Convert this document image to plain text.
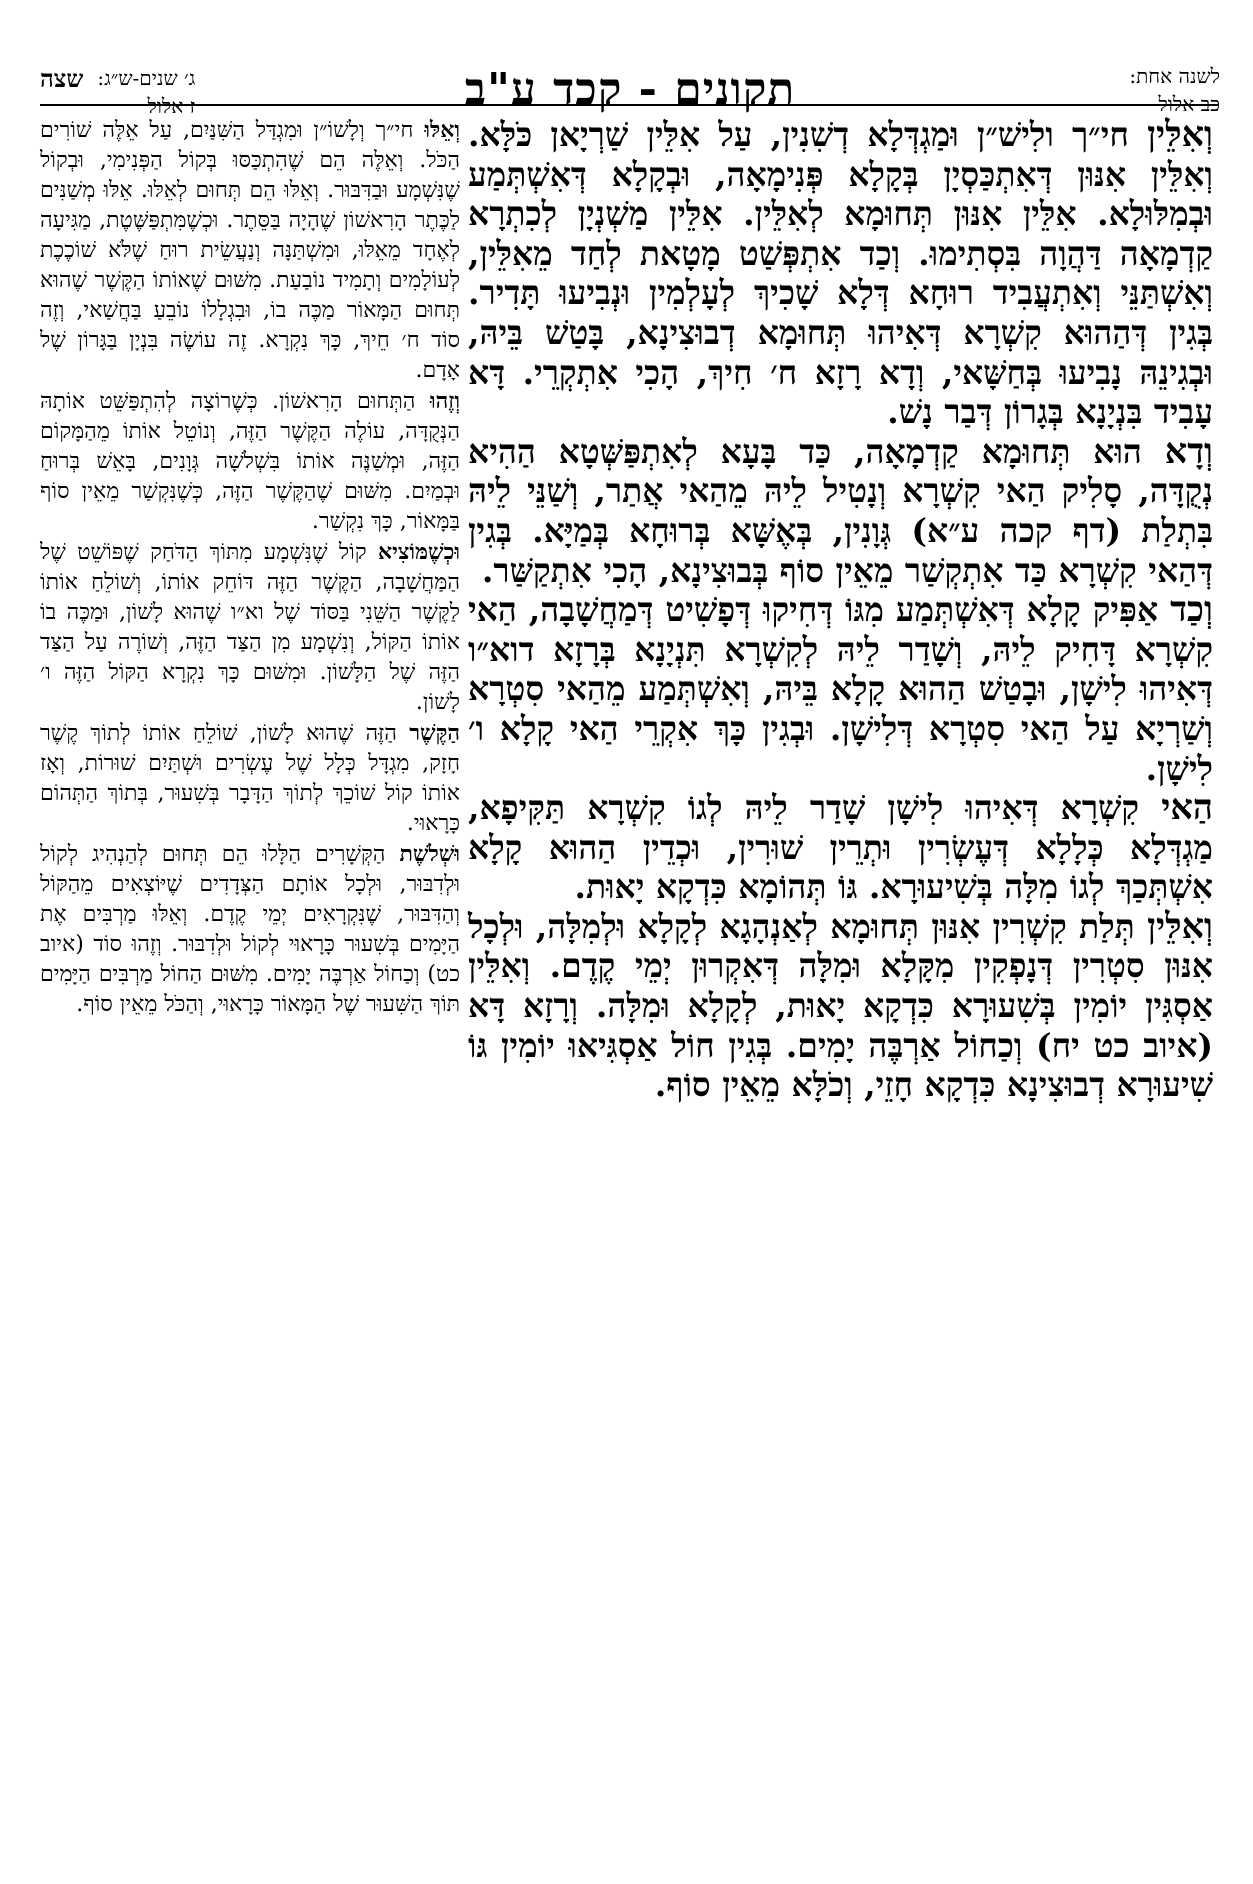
לשנה אחת:
כב אלול
תקונים - קכד ע"ב
ג׳ שנים-ש״ג:
ז אלול
שצה

וְאִלֵּין חי״ך ולִישׁ״ן וּמַגְדְּלָא דְשִׁנִין, עַל אִלֵּין שַׁרְיָאן כֹּלָּא. וְאִלֵּין אִנּוּן דְּאִתְכַּסְיָן בְּקָלָא פְּנִימָאָה, וּבְקָלָא דְּאִשְׁתְּמַע וּבְמִלּוּלָא. אִלֵּין אִנּוּן תְּחוּמָא לְאִלֵּין. אִלֵּין מַשְׁנְיָן לְכִתְרָא קַדְמָאָה דַּהֲוָה בִּסְתִימוּ. וְכַד אִתְפְּשַׁט מָטָאת לְחַד מֵאִלֵּין, וְאִשְׁתַּנֵּי וְאִתְעֲבִיד רוּחָא דְּלָא שָׁכִיךְ לְעָלְמִין וּנְבִיעוּ תָּדִיר. בְּגִין דְּהַהוּא קִשְׁרָא דְּאִיהוּ תְּחוּמָא דְבוּצִינָא, בָּטַשׁ בֵּיהּ, וּבְגִינֵהּ נָבִיעוּ בְּחַשָּׁאי, וְדָא רָזָא ח׳ חִיךְ, הָכִי אִתְקְרֵי. דָּא עָבִיד בִּנְיָנָא בְּגָרוֹן דְּבַר נָשׁ.

וְדָא הוּא תְּחוּמָא קַדְמָאָה, כַּד בָּעָא לְאִתְפַּשְּׁטָא הַהִיא נְקֻדָּה, סָלִיק הַאי קִשְׁרָא וְנָטִיל לֵיהּ מֵהַאי אֲתַר, וְשַׁנֵּי לֵיהּ בִּתְלַת (דף קכה ע״א) גְּוָנִין, בְּאֶשָּׁא בְּרוּחָא בְּמַיָּא. בְּגִין דְּהַאי קִשְׁרָא כַּד אִתְקְשַׁר מֵאֵין סוֹף בְּבוּצִינָא, הָכִי אִתְקַשַּׁר.

וְכַד אַפִּיק קָלָא דְּאִשְׁתְּמַע מִגּוֹ דְּחִיקוּ דְּפָשִׁיט דְּמַחֲשָׁבָה, הַאי קִשְׁרָא דָּחִיק לֵיהּ, וְשָׁדַר לֵיהּ לְקִשְׁרָא תִּנְיָנָא בְּרָזָא דוא״ו דְּאִיהוּ לִישָׁן, וּבָטַשׁ הַהוּא קָלָא בֵּיהּ, וְאִשְׁתְּמַע מֵהַאי סִטְרָא וְשַׁרְיָא עַל הַאי סִטְרָא דְּלִישָׁן. וּבְגִין כָּךְ אִקְרֵי הַאי קָלָא ו׳ לִישָׁן.

הַאי קִשְׁרָא דְּאִיהוּ לִישָׁן שָׁדַר לֵיהּ לְגוֹ קִשְׁרָא תַּקִּיפָא, מַגְדְּלָא כְּלָלָא דְּעֶשְׂרִין וּתְרֵין שׁוּרִין, וּכְדֵין הַהוּא קָלָא אִשְׁתְּכַךְ לְגוֹ מִלָּה בְּשִׁיעוּרָא. גּוֹ תְּהוֹמָא כִּדְקָא יָאוּת.

וְאִלֵּין תְּלַת קִשְׁרִין אִנּוּן תְּחוּמָא לְאַנְהָגָא לְקָלָא וּלְמִלָּה, וּלְכָל אִנּוּן סִטְרִין דְּנָפְקִין מִקָּלָא וּמִלָּה דְּאִקְרוּן יְמֵי קֶדֶם. וְאִלֵּין אַסְגִּין יוֹמִין בְּשִׁעוּרָא כִּדְקָא יָאוּת, לְקָלָא וּמִלָּה. וְרָזָא דָּא (איוב כט יח) וְכַחוֹל אַרְבֶּה יָמִים. בְּגִין חוֹל אַסְגִּיאוּ יוֹמִין גּוֹ שִׁיעוּרָא דְבוּצִינָא כִּדְקָא חָזֵי, וְכֹלָּא מֵאֵין סוֹף.

וְאֵלּוּ חי״ך וְלָשׁוֹ״ן וּמִגְדַּל הַשִּׁנַּיִם, עַל אֵלֶּה שׁוֹרִים הַכֹּל. וְאֵלֶּה הֵם שֶׁהִתְכַּסּוּ בְּקוֹל הַפְּנִימִי, וּבְקוֹל שֶׁנִּשְׁמָע וּבַדִּבּוּר. וְאֵלּוּ הֵם תְּחוּם לְאֵלּוּ. אֵלּוּ מְשַׁנִּים לַכֶּתֶר הָרִאשׁוֹן שֶׁהָיָה בַּסֵּתֶר. וּכְשֶׁמִּתְפַּשֶּׁטֶת, מַגִּיעָה לְאֶחָד מֵאֵלּוּ, וּמִשְׁתַּנָּה וְנַעֲשֵׂית רוּחַ שֶׁלֹּא שׁוֹכֶכֶת לְעוֹלָמִים וְתָמִיד נוֹבַעַת. מִשּׁוּם שֶׁאוֹתוֹ הַקֶּשֶׁר שֶׁהוּא תְּחוּם הַמָּאוֹר מַכֶּה בוֹ, וּבִגְלָלוֹ נוֹבֵעַ בַּחֲשַׁאי, וְזֶה סוֹד ח׳ חֵיךְ, כָּךְ נִקְרָא. זֶה עוֹשֶׂה בִּנְיָן בַּגָּרוֹן שֶׁל אָדָם.

וְזֶהוּ הַתְּחוּם הָרִאשׁוֹן. כְּשֶׁרוֹצָה לְהִתְפַּשֵּׁט אוֹתָהּ הַנְּקֻדָּה, עוֹלֶה הַקֶּשֶׁר הַזֶּה, וְנוֹטֵל אוֹתוֹ מֵהַמָּקוֹם הַזֶּה, וּמְשַׁנֶּה אוֹתוֹ בִּשְׁלֹשָׁה גְּוָנִים, בָּאֵשׁ בְּרוּחַ וּבְמַיִם. מִשּׁוּם שֶׁהַקֶּשֶׁר הַזֶּה, כְּשֶׁנִּקְשַׁר מֵאֵין סוֹף בַּמָּאוֹר, כָּךְ נִקְשַׁר.

וּכְשֶׁמּוֹצִיא קוֹל שֶׁנִּשְׁמָע מִתּוֹךְ הַדֹּחַק שֶׁפּוֹשֵׁט שֶׁל הַמַּחֲשָׁבָה, הַקֶּשֶׁר הַזֶּה דּוֹחֵק אוֹתוֹ, וְשׁוֹלֵחַ אוֹתוֹ לַקֶּשֶׁר הַשֵּׁנִי בַּסּוֹד שֶׁל וא״ו שֶׁהוּא לָשׁוֹן, וּמַכֶּה בוֹ אוֹתוֹ הַקּוֹל, וְנִשְׁמָע מִן הַצַּד הַזֶּה, וְשׁוֹרֶה עַל הַצַּד הַזֶּה שֶׁל הַלָּשׁוֹן. וּמִשּׁוּם כָּךְ נִקְרָא הַקּוֹל הַזֶּה ו׳ לָשׁוֹן.

הַקֶּשֶׁר הַזֶּה שֶׁהוּא לָשׁוֹן, שׁוֹלֵחַ אוֹתוֹ לְתוֹךְ קֶשֶׁר חָזָק, מִגְדָּל כְּלָל שֶׁל עֶשְׂרִים וּשְׁתַּיִם שׁוּרוֹת, וְאָז אוֹתוֹ קוֹל שׁוֹכֵךְ לְתוֹךְ הַדָּבָר בְּשִׁעוּר, בְּתוֹךְ הַתְּהוֹם כָּרָאוּי.

וּשְׁלֹשֶׁת הַקְּשָׁרִים הַלָּלוּ הֵם תְּחוּם לְהַנְהִיג לְקוֹל וּלְדִבּוּר, וּלְכָל אוֹתָם הַצְּדָדִים שֶׁיּוֹצְאִים מֵהַקּוֹל וְהַדִּבּוּר, שֶׁנִּקְרָאִים יְמֵי קֶדֶם. וְאֵלּוּ מַרְבִּים אֶת הַיָּמִים בְּשִׁעוּר כָּרָאוּי לְקוֹל וּלְדִבּוּר. וְזֶהוּ סוֹד (איוב כט) וְכַחוֹל אַרְבֶּה יָמִים. מִשּׁוּם הַחוֹל מַרְבִּים הַיָּמִים תּוֹךְ הַשִּׁעוּר שֶׁל הַמָּאוֹר כָּרָאוּי, וְהַכֹּל מֵאֵין סוֹף.
